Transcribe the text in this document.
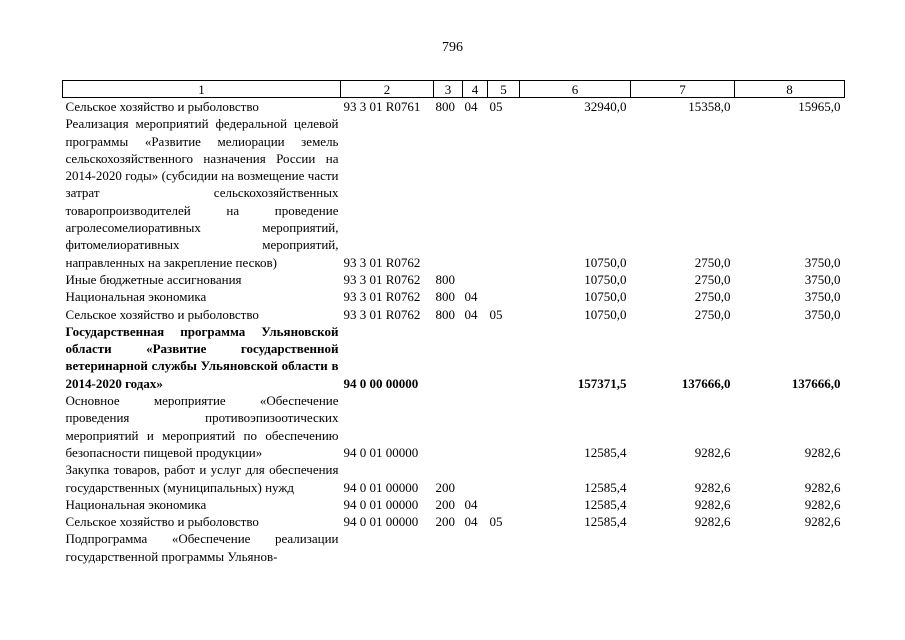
796
1	2	3	4	5	6	7	8
Сельское хозяйство и рыболовство	93 3 01 R0761	800	04	05	32940,0	15358,0	15965,0
Реализация мероприятий федеральной целевой программы «Развитие мелиорации земель сельскохозяйственного назначения России на 2014-2020 годы» (субсидии на возмещение части затрат сельскохозяйственных товаропроизводителей на проведение агролесомелиоративных мероприятий, фитомелиоративных мероприятий, направленных на закрепление песков)	93 3 01 R0762				10750,0	2750,0	3750,0
Иные бюджетные ассигнования	93 3 01 R0762	800			10750,0	2750,0	3750,0
Национальная экономика	93 3 01 R0762	800	04		10750,0	2750,0	3750,0
Сельское хозяйство и рыболовство	93 3 01 R0762	800	04	05	10750,0	2750,0	3750,0
Государственная программа Ульяновской области «Развитие государственной ветеринарной службы Ульяновской области в 2014-2020 годах»	94 0 00 00000				157371,5	137666,0	137666,0
Основное мероприятие «Обеспечение проведения противоэпизоотических мероприятий и мероприятий по обеспечению безопасности пищевой продукции»	94 0 01 00000				12585,4	9282,6	9282,6
Закупка товаров, работ и услуг для обеспечения государственных (муниципальных) нужд	94 0 01 00000	200			12585,4	9282,6	9282,6
Национальная экономика	94 0 01 00000	200	04		12585,4	9282,6	9282,6
Сельское хозяйство и рыболовство	94 0 01 00000	200	04	05	12585,4	9282,6	9282,6
Подпрограмма «Обеспечение реализации государственной программы Ульянов-							
